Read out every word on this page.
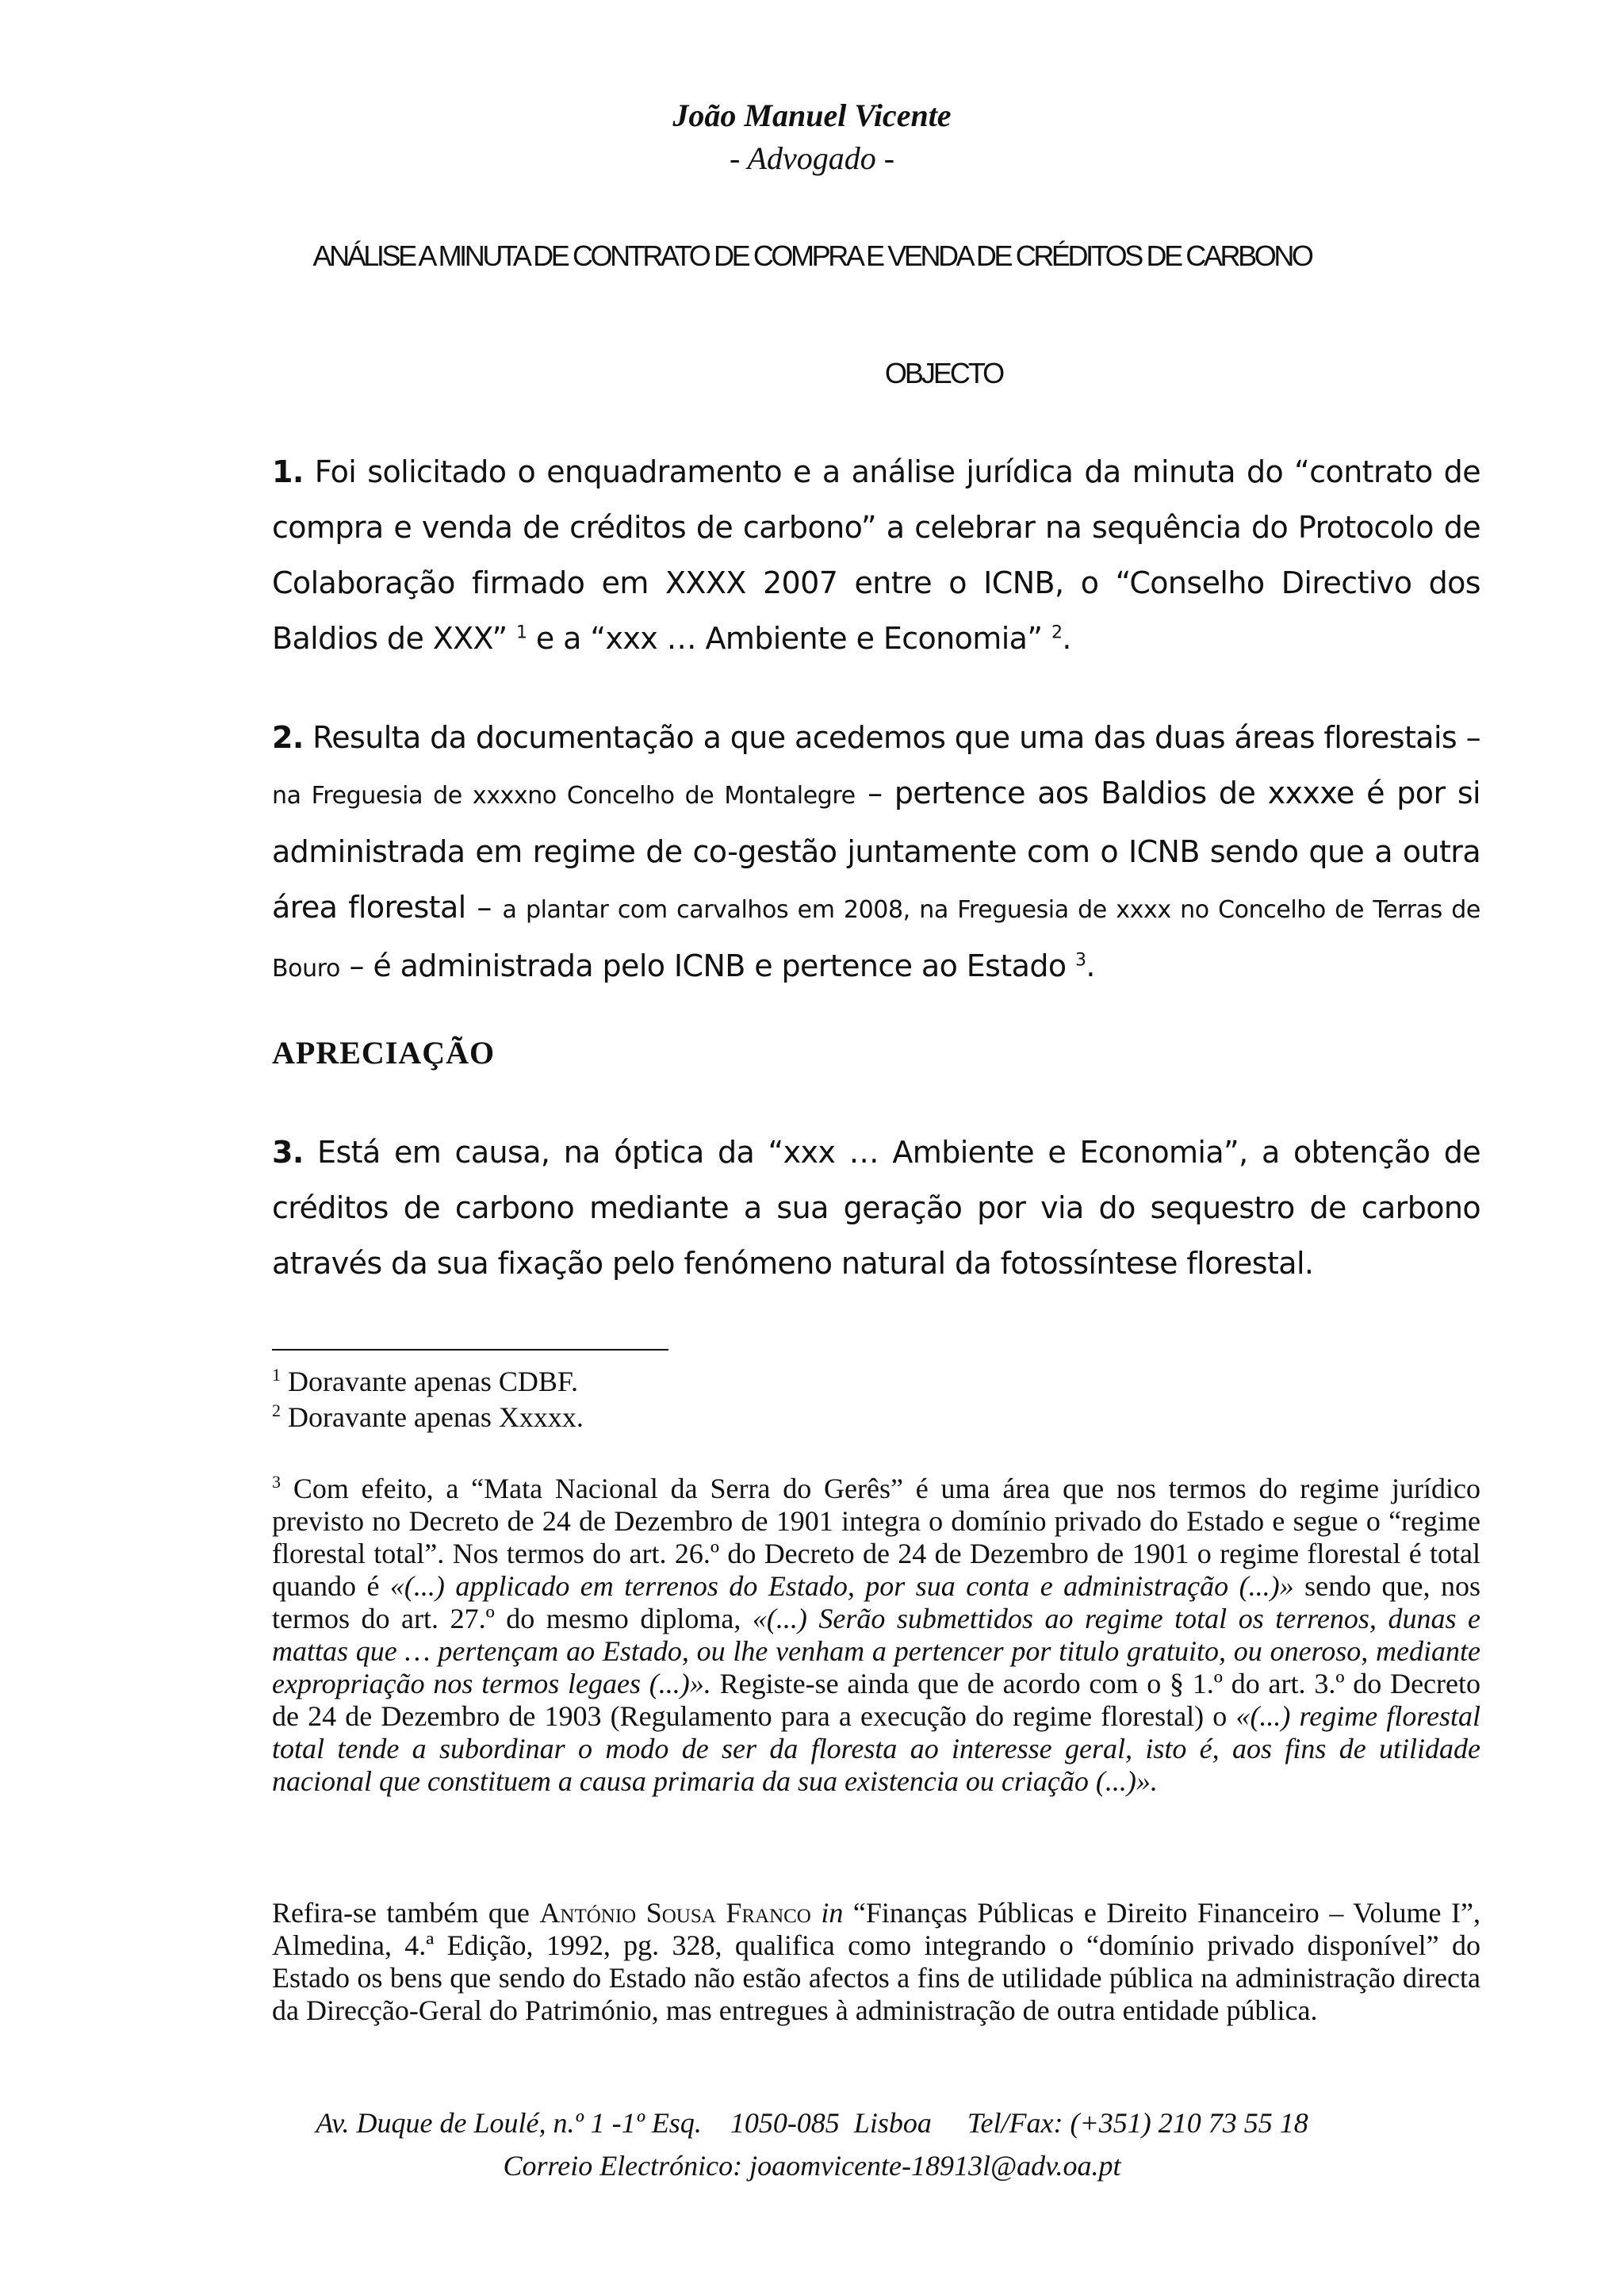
João Manuel Vicente
- Advogado -
ANÁLISE A MINUTA DE CONTRATO DE COMPRA E VENDA DE CRÉDITOS DE CARBONO
OBJECTO
1. Foi solicitado o enquadramento e a análise jurídica da minuta do “contrato de compra e venda de créditos de carbono” a celebrar na sequência do Protocolo de Colaboração firmado em XXXX 2007 entre o ICNB, o “Conselho Directivo dos Baldios de XXX” $^1$ e a “xxx … Ambiente e Economia” $^2$.
2. Resulta da documentação a que acedemos que uma das duas áreas florestais – na Freguesia de xxxxno Concelho de Montalegre – pertence aos Baldios de xxxxe é por si administrada em regime de co-gestão juntamente com o ICNB sendo que a outra área florestal – a plantar com carvalhos em 2008, na Freguesia de xxxx no Concelho de Terras de Bouro – é administrada pelo ICNB e pertence ao Estado $^3$.
APRECIAÇÃO
3. Está em causa, na óptica da “xxx … Ambiente e Economia”, a obtenção de créditos de carbono mediante a sua geração por via do sequestro de carbono através da sua fixação pelo fenómeno natural da fotossíntese florestal.
$^1$ Doravante apenas CDBF.
$^2$ Doravante apenas Xxxxx.
$^3$ Com efeito, a “Mata Nacional da Serra do Gerês” é uma área que nos termos do regime jurídico previsto no Decreto de 24 de Dezembro de 1901 integra o domínio privado do Estado e segue o “regime florestal total”. Nos termos do art. 26.º do Decreto de 24 de Dezembro de 1901 o regime florestal é total quando é «(...) applicado em terrenos do Estado, por sua conta e administração (...)» sendo que, nos termos do art. 27.º do mesmo diploma, «(...) Serão submettidos ao regime total os terrenos, dunas e mattas que … pertençam ao Estado, ou lhe venham a pertencer por titulo gratuito, ou oneroso, mediante expropriação nos termos legaes (...)». Registe-se ainda que de acordo com o § 1.º do art. 3.º do Decreto de 24 de Dezembro de 1903 (Regulamento para a execução do regime florestal) o «(...) regime florestal total tende a subordinar o modo de ser da floresta ao interesse geral, isto é, aos fins de utilidade nacional que constituem a causa primaria da sua existencia ou criação (...)».
Refira-se também que António Sousa Franco in “Finanças Públicas e Direito Financeiro – Volume I”, Almedina, 4.ª Edição, 1992, pg. 328, qualifica como integrando o “domínio privado disponível” do Estado os bens que sendo do Estado não estão afectos a fins de utilidade pública na administração directa da Direcção-Geral do Património, mas entregues à administração de outra entidade pública.
Av. Duque de Loulé, n.º 1 -1º Esq.    1050-085  Lisboa     Tel/Fax: (+351) 210 73 55 18
Correio Electrónico: joaomvicente-18913l@adv.oa.pt
